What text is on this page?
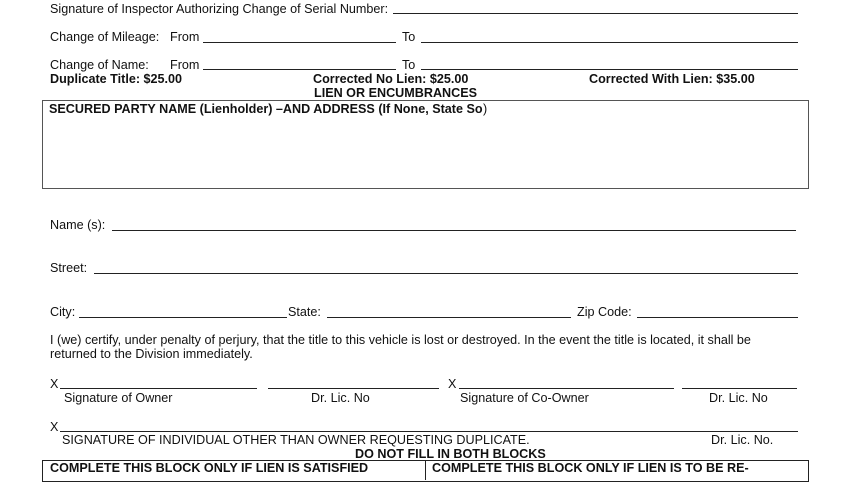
Signature of Inspector Authorizing Change of Serial Number:
Change of Mileage: From	To
Change of Name: From	To
Duplicate Title: $25.00	Corrected No Lien: $25.00	Corrected With Lien: $35.00
LIEN OR ENCUMBRANCES
SECURED PARTY NAME (Lienholder) –AND ADDRESS (If None, State So )
Name (s):
Street:
City:	State:	Zip Code:
I (we) certify, under penalty of perjury, that the title to this vehicle is lost or destroyed. In the event the title is located, it shall be
returned to the Division immediately.
X	X
Signature of Owner	Dr. Lic. No	Signature of Co-Owner	Dr. Lic. No
X
SIGNATURE OF INDIVIDUAL OTHER THAN OWNER REQUESTING DUPLICATE.	Dr. Lic. No.
DO NOT FILL IN BOTH BLOCKS
COMPLETE THIS BLOCK ONLY IF LIEN IS SATISFIED	COMPLETE THIS BLOCK ONLY IF LIEN IS TO BE RE-
